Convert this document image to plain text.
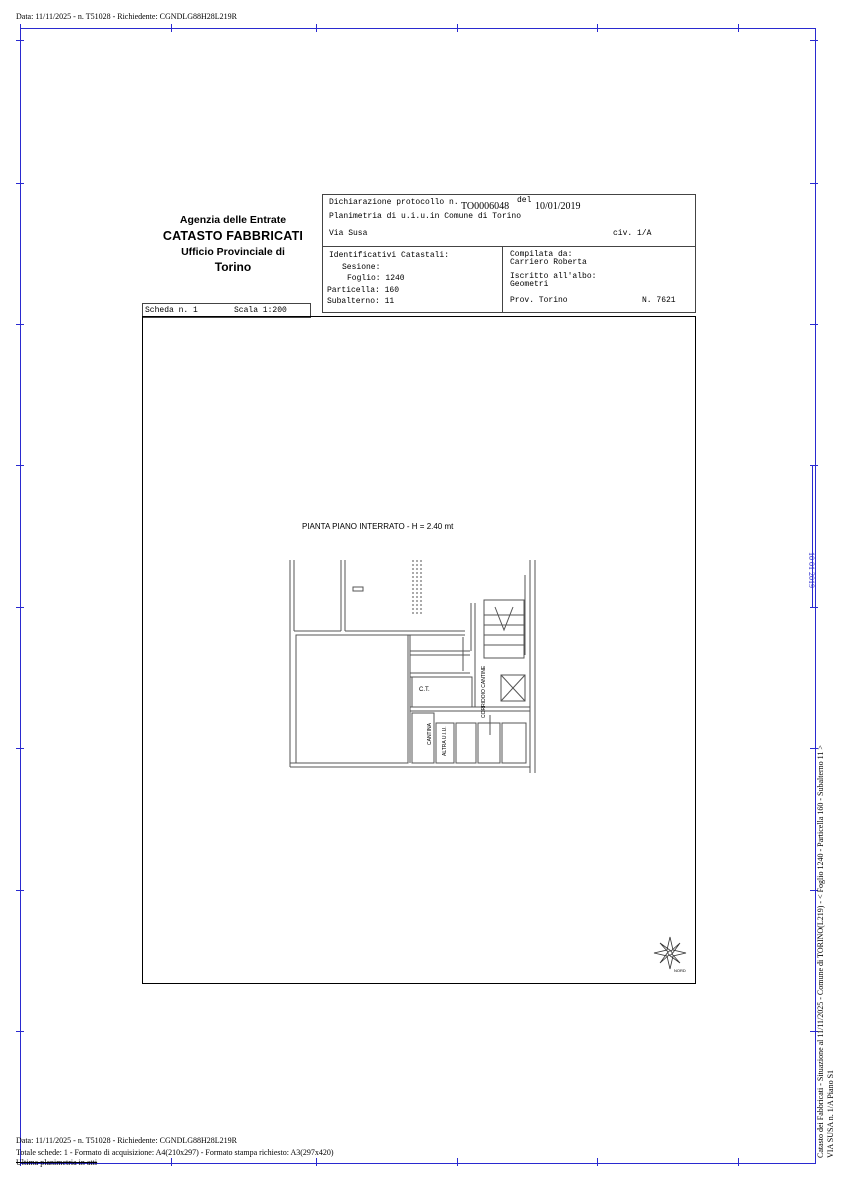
Data: 11/11/2025 - n. T51028 - Richiedente: CGNDLG88H28L219R
Agenzia delle Entrate
CATASTO FABBRICATI
Ufficio Provinciale di
Torino
Dichiarazione protocollo n. TO0006048
del
10/01/2019
Planimetria di u.i.u.in Comune di Torino
Via Susa	civ. 1/A
Identificativi Catastali:
Sesione:
Foglio: 1240
Particella: 160
Subalterno: 11
Compilata da:
Carriero Roberta
Iscritto all'albo:
Geometri
Prov. Torino	N. 7621
Scheda n. 1	Scala 1:200
PIANTA PIANO INTERRATO - H = 2.40 mt
C.T.
CANTINA ALTRA U.I.U.
CORRIDOIO CANTINE
NORD
10 01 2019
Catasto dei Fabbricati - Situazione al 11/11/2025 - Comune di TORINO(L219) - < Foglio 1240 - Particella 160 - Subalterno 11 > VIA SUSA n. 1/A Piano S1
Data: 11/11/2025 - n. T51028 - Richiedente: CGNDLG88H28L219R
Totale schede: 1 - Formato di acquisizione: A4(210x297) - Formato stampa richiesto: A3(297x420)
Ultima planimetria in atti
